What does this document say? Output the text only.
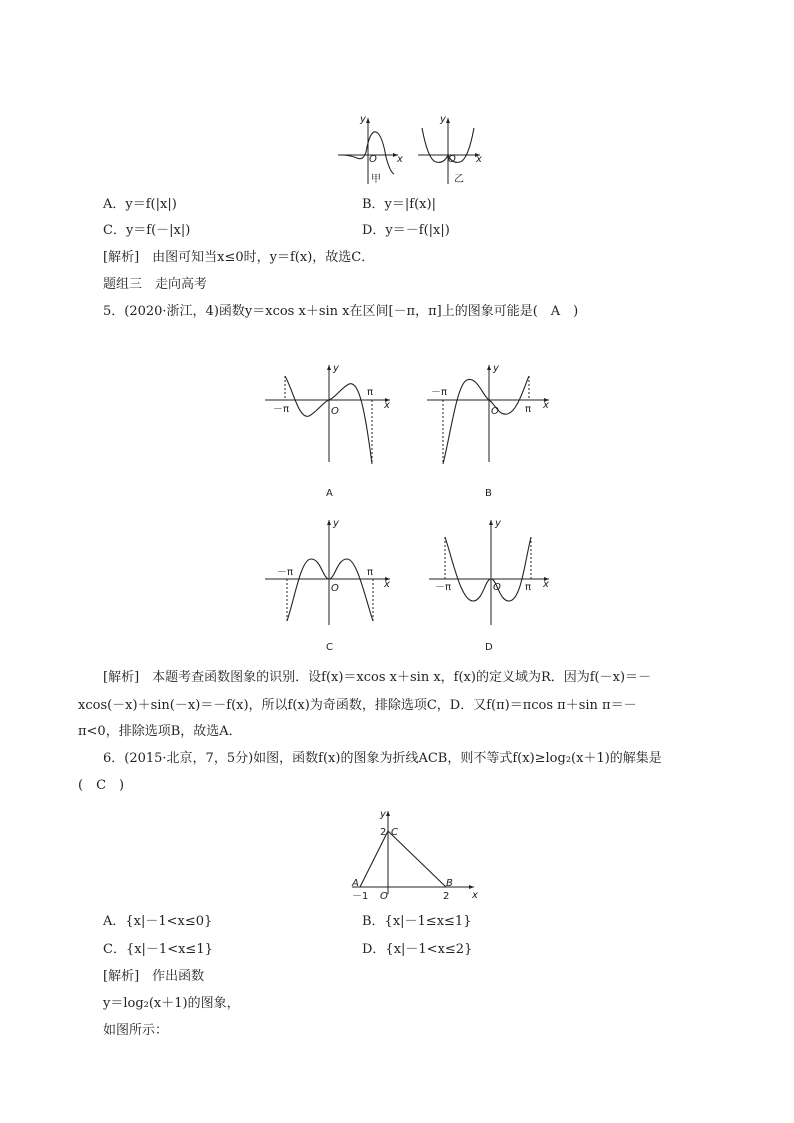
y
O x
甲
y
O x
乙
A．y＝f(|x|)	B．y＝|f(x)|
C．y＝f(－|x|)	D．y＝－f(|x|)
[解析]　由图可知当x≤0时，y＝f(x)，故选C．
题组三　走向高考
5．(2020·浙江，4)函数y＝xcos x＋sin x在区间[－π，π]上的图象可能是(　A　)
y
x
O
－π
π
A
y
x
O
－π
π
B
y
x
O
－π	π
C
y
x
O
－π	π
D
[解析]　本题考查函数图象的识别．设f(x)＝xcos x＋sin x，f(x)的定义域为R．因为f(－x)＝－
xcos(－x)＋sin(－x)＝－f(x)，所以f(x)为奇函数，排除选项C，D．又f(π)＝πcos π＋sin π＝－
π<0，排除选项B，故选A．
6．(2015·北京，7，5分)如图，函数f(x)的图象为折线ACB，则不等式f(x)≥log₂(x＋1)的解集是
(　C　)
y
x
2 C
A	B
－1 O	2
A．{x|－1<x≤0}	B．{x|－1≤x≤1}
C．{x|－1<x≤1}	D．{x|－1<x≤2}
[解析]　作出函数
y＝log₂(x＋1)的图象，
如图所示：
